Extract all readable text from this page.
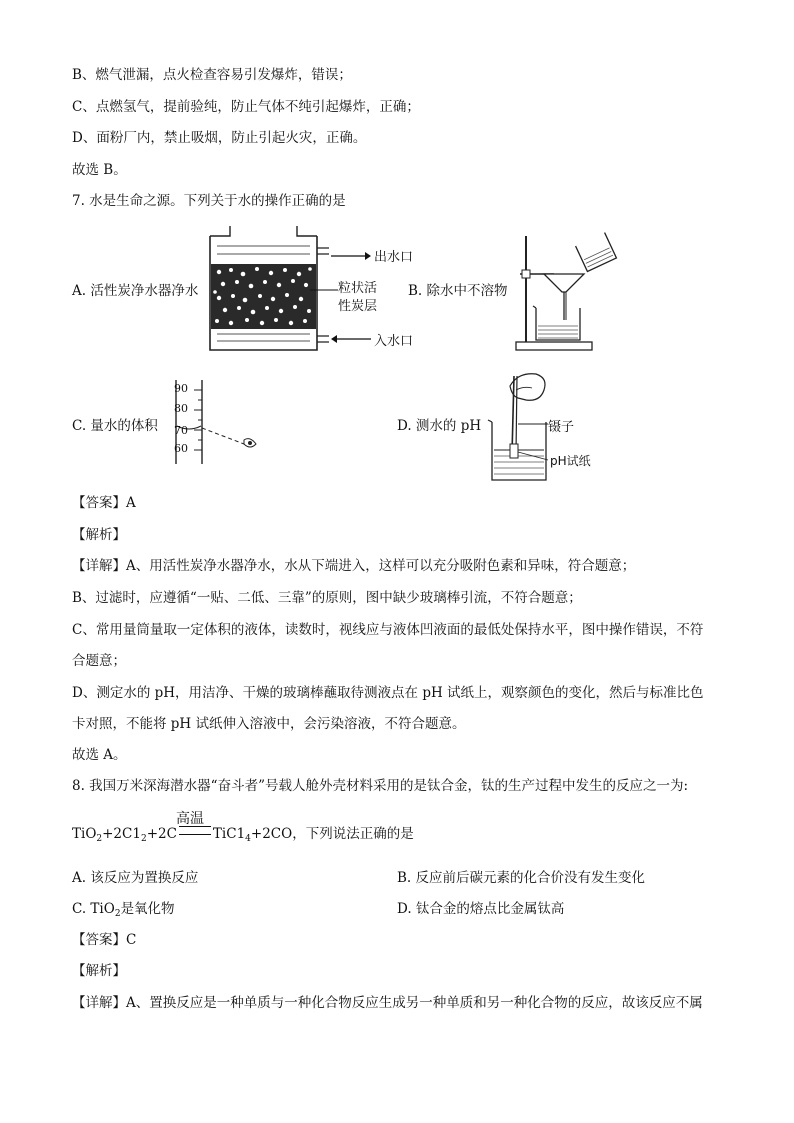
B、燃气泄漏，点火检查容易引发爆炸，错误；
C、点燃氢气，提前验纯，防止气体不纯引起爆炸，正确；
D、面粉厂内，禁止吸烟，防止引起火灾，正确。
故选 B。
7. 水是生命之源。下列关于水的操作正确的是
A. 活性炭净水器净水
出水口
粒状活
性炭层
入水口
B. 除水中不溶物
C. 量水的体积
90
80
70
60
D. 测水的 pH	镊子
pH试纸
【答案】A
【解析】
【详解】A、用活性炭净水器净水，水从下端进入，这样可以充分吸附色素和异味，符合题意；
B、过滤时，应遵循“一贴、二低、三靠”的原则，图中缺少玻璃棒引流，不符合题意；
C、常用量筒量取一定体积的液体，读数时，视线应与液体凹液面的最低处保持水平，图中操作错误，不符
合题意；
D、测定水的 pH，用洁净、干燥的玻璃棒蘸取待测液点在 pH 试纸上，观察颜色的变化，然后与标准比色
卡对照，不能将 pH 试纸伸入溶液中，会污染溶液，不符合题意。
故选 A。
8. 我国万米深海潜水器“奋斗者”号载人舱外壳材料采用的是钛合金，钛的生产过程中发生的反应之一为:
高温
$TiO_2+2C1_2+2C$	$TiC1_4+2CO$，下列说法正确的是
A. 该反应为置换反应	B. 反应前后碳元素的化合价没有发生变化
C. TiO$_2$是氧化物	D. 钛合金的熔点比金属钛高
【答案】C
【解析】
【详解】A、置换反应是一种单质与一种化合物反应生成另一种单质和另一种化合物的反应，故该反应不属
